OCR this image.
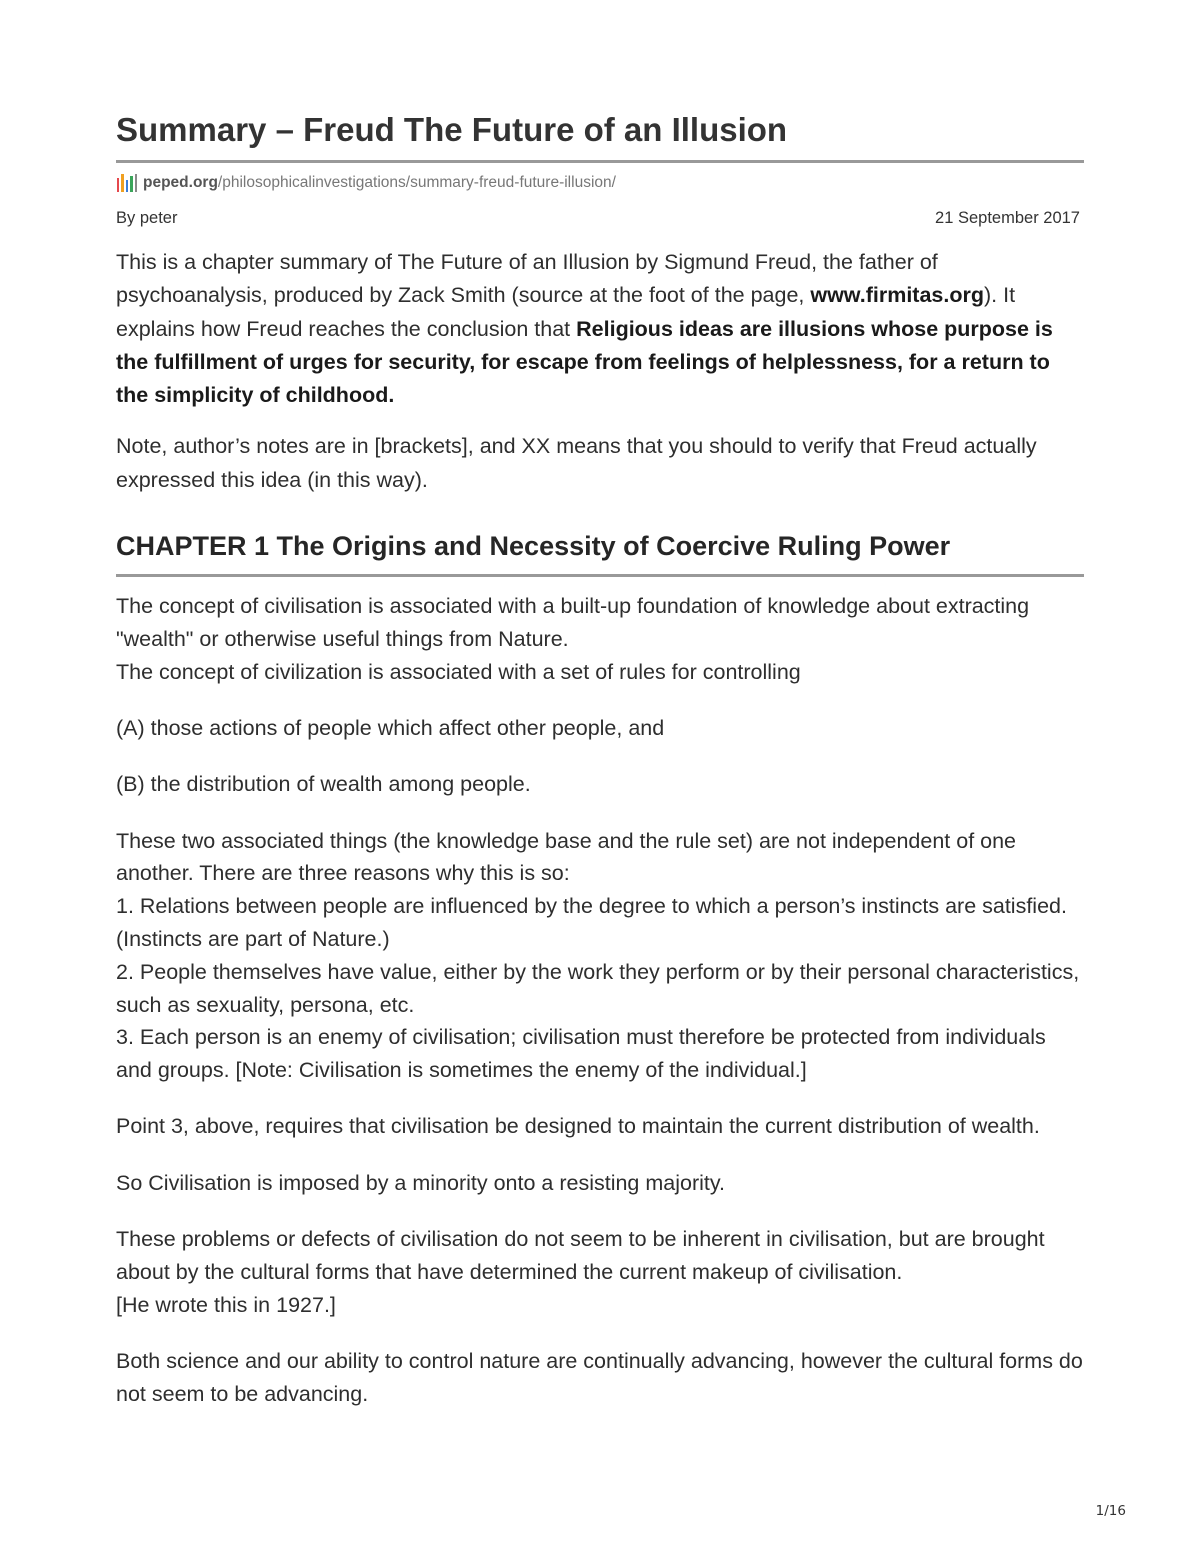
Summary – Freud The Future of an Illusion
peped.org /philosophicalinvestigations/summary-freud-future-illusion/
By peter	21 September 2017

This is a chapter summary of The Future of an Illusion by Sigmund Freud, the father of psychoanalysis, produced by Zack Smith (source at the foot of the page, www.firmitas.org). It explains how Freud reaches the conclusion that Religious ideas are illusions whose purpose is the fulfillment of urges for security, for escape from feelings of helplessness, for a return to the simplicity of childhood.

Note, author’s notes are in [brackets], and XX means that you should to verify that Freud actually expressed this idea (in this way).

CHAPTER 1 The Origins and Necessity of Coercive Ruling Power

The concept of civilisation is associated with a built-up foundation of knowledge about extracting "wealth" or otherwise useful things from Nature.
The concept of civilization is associated with a set of rules for controlling

(A) those actions of people which affect other people, and

(B) the distribution of wealth among people.

These two associated things (the knowledge base and the rule set) are not independent of one another. There are three reasons why this is so:
1. Relations between people are influenced by the degree to which a person’s instincts are satisfied. (Instincts are part of Nature.)
2. People themselves have value, either by the work they perform or by their personal characteristics, such as sexuality, persona, etc.
3. Each person is an enemy of civilisation; civilisation must therefore be protected from individuals and groups. [Note: Civilisation is sometimes the enemy of the individual.]

Point 3, above, requires that civilisation be designed to maintain the current distribution of wealth.

So Civilisation is imposed by a minority onto a resisting majority.

These problems or defects of civilisation do not seem to be inherent in civilisation, but are brought about by the cultural forms that have determined the current makeup of civilisation.
[He wrote this in 1927.]

Both science and our ability to control nature are continually advancing, however the cultural forms do not seem to be advancing.

1/16
